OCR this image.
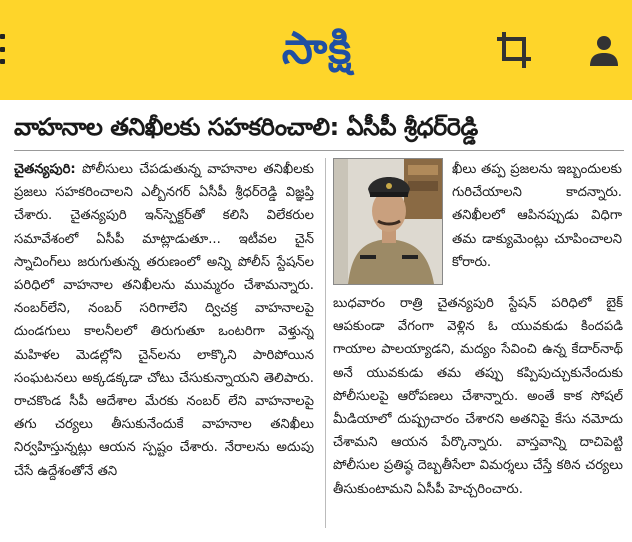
సాక్షి
వాహనాల తనిఖీలకు సహకరించాలి: ఏసీపీ శ్రీధర్‌రెడ్డి
చైతన్యపురి: పోలీసులు చేపడుతున్న వాహనాల తనిఖీలకు ప్రజలు సహకరించాలని ఎల్బీనగర్ ఏసీపీ శ్రీధర్‌రెడ్డి విజ్ఞప్తి చేశారు. చైతన్యపురి ఇన్‌స్పెక్టర్‌తో కలిసి విలేకరుల సమావేశంలో ఏసీపీ మాట్లాడుతూ... ఇటీవల చైన్ స్నాచింగ్‌లు జరుగుతున్న తరుణంలో అన్ని పోలీస్ స్టేషన్‌ల పరిధిలో వాహనాల తనిఖీలను ముమ్మరం చేశామన్నారు. నంబర్‌లేని, నంబర్ సరిగాలేని ద్విచక్ర వాహనాలపై దుండగులు కాలనీలలో తిరుగుతూ ఒంటరిగా వెళ్తున్న మహిళల మెడల్లోని చైన్‌లను లాక్కొని పారిపోయిన సంఘటనలు అక్కడక్కడా చోటు చేసుకున్నాయని తెలిపారు. రాచకొండ సీపీ ఆదేశాల మేరకు నంబర్ లేని వాహనాలపై తగు చర్యలు తీసుకునేందుకే వాహనాల తనిఖీలు నిర్వహిస్తున్నట్లు ఆయన స్పష్టం చేశారు. నేరాలను అదుపు చేసే ఉద్దేశంతోనే తని
ఖీలు తప్ప ప్రజలను ఇబ్బందులకు గురిచేయాలని కాదన్నారు. తనిఖీలలో ఆపినప్పుడు విధిగా తమ డాక్యుమెంట్లు చూపించాలని కోరారు.
బుధవారం రాత్రి చైతన్యపురి స్టేషన్ పరిధిలో బైక్ ఆపకుండా వేగంగా వెళ్లిన ఓ యువకుడు కిందపడి గాయాల పాలయ్యాడని, మద్యం సేవించి ఉన్న కేదార్‌నాథ్ అనే యువకుడు తమ తప్పు కప్పిపుచ్చుకునేందుకు పోలీసులపై ఆరోపణలు చేశాన్నారు. అంతే కాక సోషల్ మీడియాలో దుష్ప్రచారం చేశారని అతనిపై కేసు నమోదు చేశామని ఆయన పేర్కొన్నారు. వాస్తవాన్ని దాచిపెట్టి పోలీసుల ప్రతిష్ఠ దెబ్బతీసేలా విమర్శలు చేస్తే కఠిన చర్యలు తీసుకుంటామని ఏసీపీ హెచ్చరించారు.
